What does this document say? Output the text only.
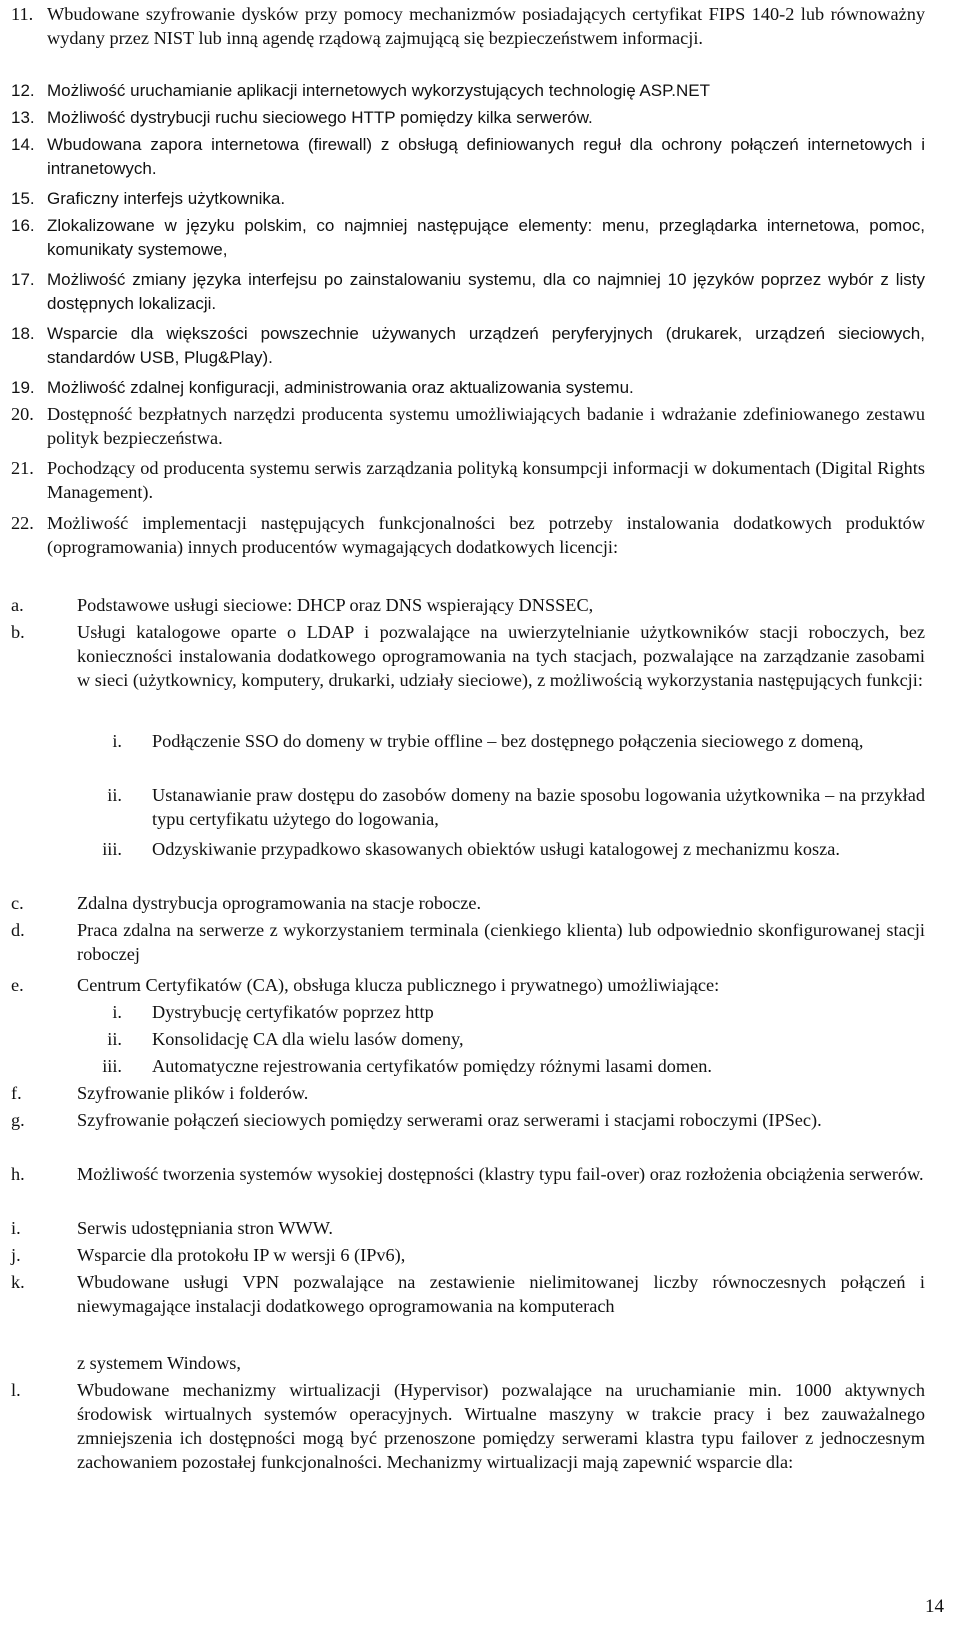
11. Wbudowane szyfrowanie dysków przy pomocy mechanizmów posiadających certyfikat FIPS 140-2 lub równoważny wydany przez NIST lub inną agendę rządową zajmującą się bezpieczeństwem informacji.
12. Możliwość uruchamianie aplikacji internetowych wykorzystujących technologię ASP.NET
13. Możliwość dystrybucji ruchu sieciowego HTTP pomiędzy kilka serwerów.
14. Wbudowana zapora internetowa (firewall) z obsługą definiowanych reguł dla ochrony połączeń internetowych i intranetowych.
15. Graficzny interfejs użytkownika.
16. Zlokalizowane w języku polskim, co najmniej następujące elementy: menu, przeglądarka internetowa, pomoc, komunikaty systemowe,
17. Możliwość zmiany języka interfejsu po zainstalowaniu systemu, dla co najmniej 10 języków poprzez wybór z listy dostępnych lokalizacji.
18. Wsparcie dla większości powszechnie używanych urządzeń peryferyjnych (drukarek, urządzeń sieciowych, standardów USB, Plug&Play).
19. Możliwość zdalnej konfiguracji, administrowania oraz aktualizowania systemu.
20. Dostępność bezpłatnych narzędzi producenta systemu umożliwiających badanie i wdrażanie zdefiniowanego zestawu polityk bezpieczeństwa.
21. Pochodzący od producenta systemu serwis zarządzania polityką konsumpcji informacji w dokumentach (Digital Rights Management).
22. Możliwość implementacji następujących funkcjonalności bez potrzeby instalowania dodatkowych produktów (oprogramowania) innych producentów wymagających dodatkowych licencji:
a.	Podstawowe usługi sieciowe: DHCP oraz DNS wspierający DNSSEC,
b.	Usługi katalogowe oparte o LDAP i pozwalające na uwierzytelnianie użytkowników stacji roboczych, bez konieczności instalowania dodatkowego oprogramowania na tych stacjach, pozwalające na zarządzanie zasobami w sieci (użytkownicy, komputery, drukarki, udziały sieciowe), z możliwością wykorzystania następujących funkcji:
i. Podłączenie SSO do domeny w trybie offline – bez dostępnego połączenia sieciowego z domeną,
ii. Ustanawianie praw dostępu do zasobów domeny na bazie sposobu logowania użytkownika – na przykład typu certyfikatu użytego do logowania,
iii. Odzyskiwanie przypadkowo skasowanych obiektów usługi katalogowej z mechanizmu kosza.
c.	Zdalna dystrybucja oprogramowania na stacje robocze.
d.	Praca zdalna na serwerze z wykorzystaniem terminala (cienkiego klienta) lub odpowiednio skonfigurowanej stacji roboczej
e.	Centrum Certyfikatów (CA), obsługa klucza publicznego i prywatnego) umożliwiające:
i. Dystrybucję certyfikatów poprzez http
ii. Konsolidację CA dla wielu lasów domeny,
iii. Automatyczne rejestrowania certyfikatów pomiędzy różnymi lasami domen.
f.	Szyfrowanie plików i folderów.
g.	Szyfrowanie połączeń sieciowych pomiędzy serwerami oraz serwerami i stacjami roboczymi (IPSec).
h.	Możliwość tworzenia systemów wysokiej dostępności (klastry typu fail-over) oraz rozłożenia obciążenia serwerów.
i.	Serwis udostępniania stron WWW.
j.	Wsparcie dla protokołu IP w wersji 6 (IPv6),
k.	Wbudowane usługi VPN pozwalające na zestawienie nielimitowanej liczby równoczesnych połączeń i niewymagające instalacji dodatkowego oprogramowania na komputerach
z systemem Windows,
l.	Wbudowane mechanizmy wirtualizacji (Hypervisor) pozwalające na uruchamianie min. 1000 aktywnych środowisk wirtualnych systemów operacyjnych. Wirtualne maszyny w trakcie pracy i bez zauważalnego zmniejszenia ich dostępności mogą być przenoszone pomiędzy serwerami klastra typu failover z jednoczesnym zachowaniem pozostałej funkcjonalności. Mechanizmy wirtualizacji mają zapewnić wsparcie dla:
14
